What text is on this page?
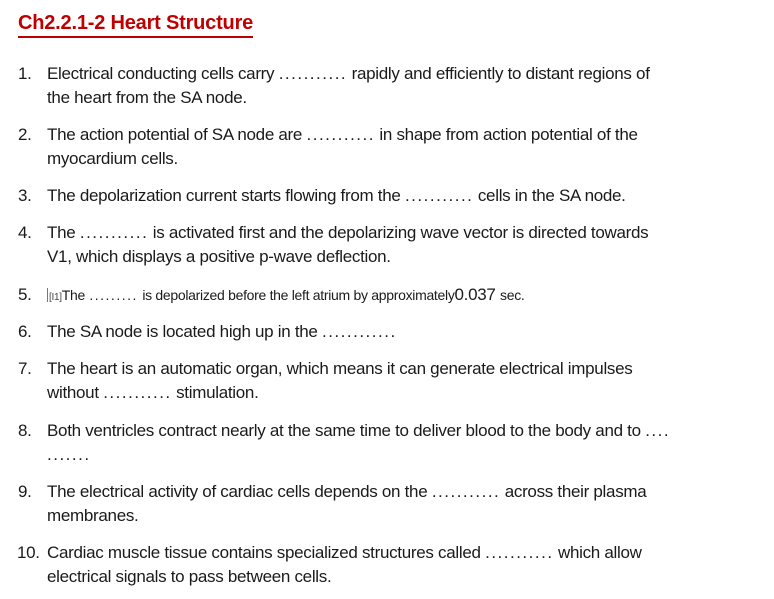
Ch2.2.1-2 Heart Structure
1. Electrical conducting cells carry ........... rapidly and efficiently to distant regions of
the heart from the SA node.
2. The action potential of SA node are ........... in shape from action potential of the
myocardium cells.
3. The depolarization current starts flowing from the ........... cells in the SA node.
4. The ........... is activated first and the depolarizing wave vector is directed towards
V1, which displays a positive p-wave deflection.
5. [I1]The ......... is depolarized before the left atrium by approximately0.037 sec.
6. The SA node is located high up in the ............
7. The heart is an automatic organ, which means it can generate electrical impulses
without ........... stimulation.
8. Both ventricles contract nearly at the same time to deliver blood to the body and to ....
.......
9. The electrical activity of cardiac cells depends on the ........... across their plasma
membranes.
10. Cardiac muscle tissue contains specialized structures called ........... which allow
electrical signals to pass between cells.
